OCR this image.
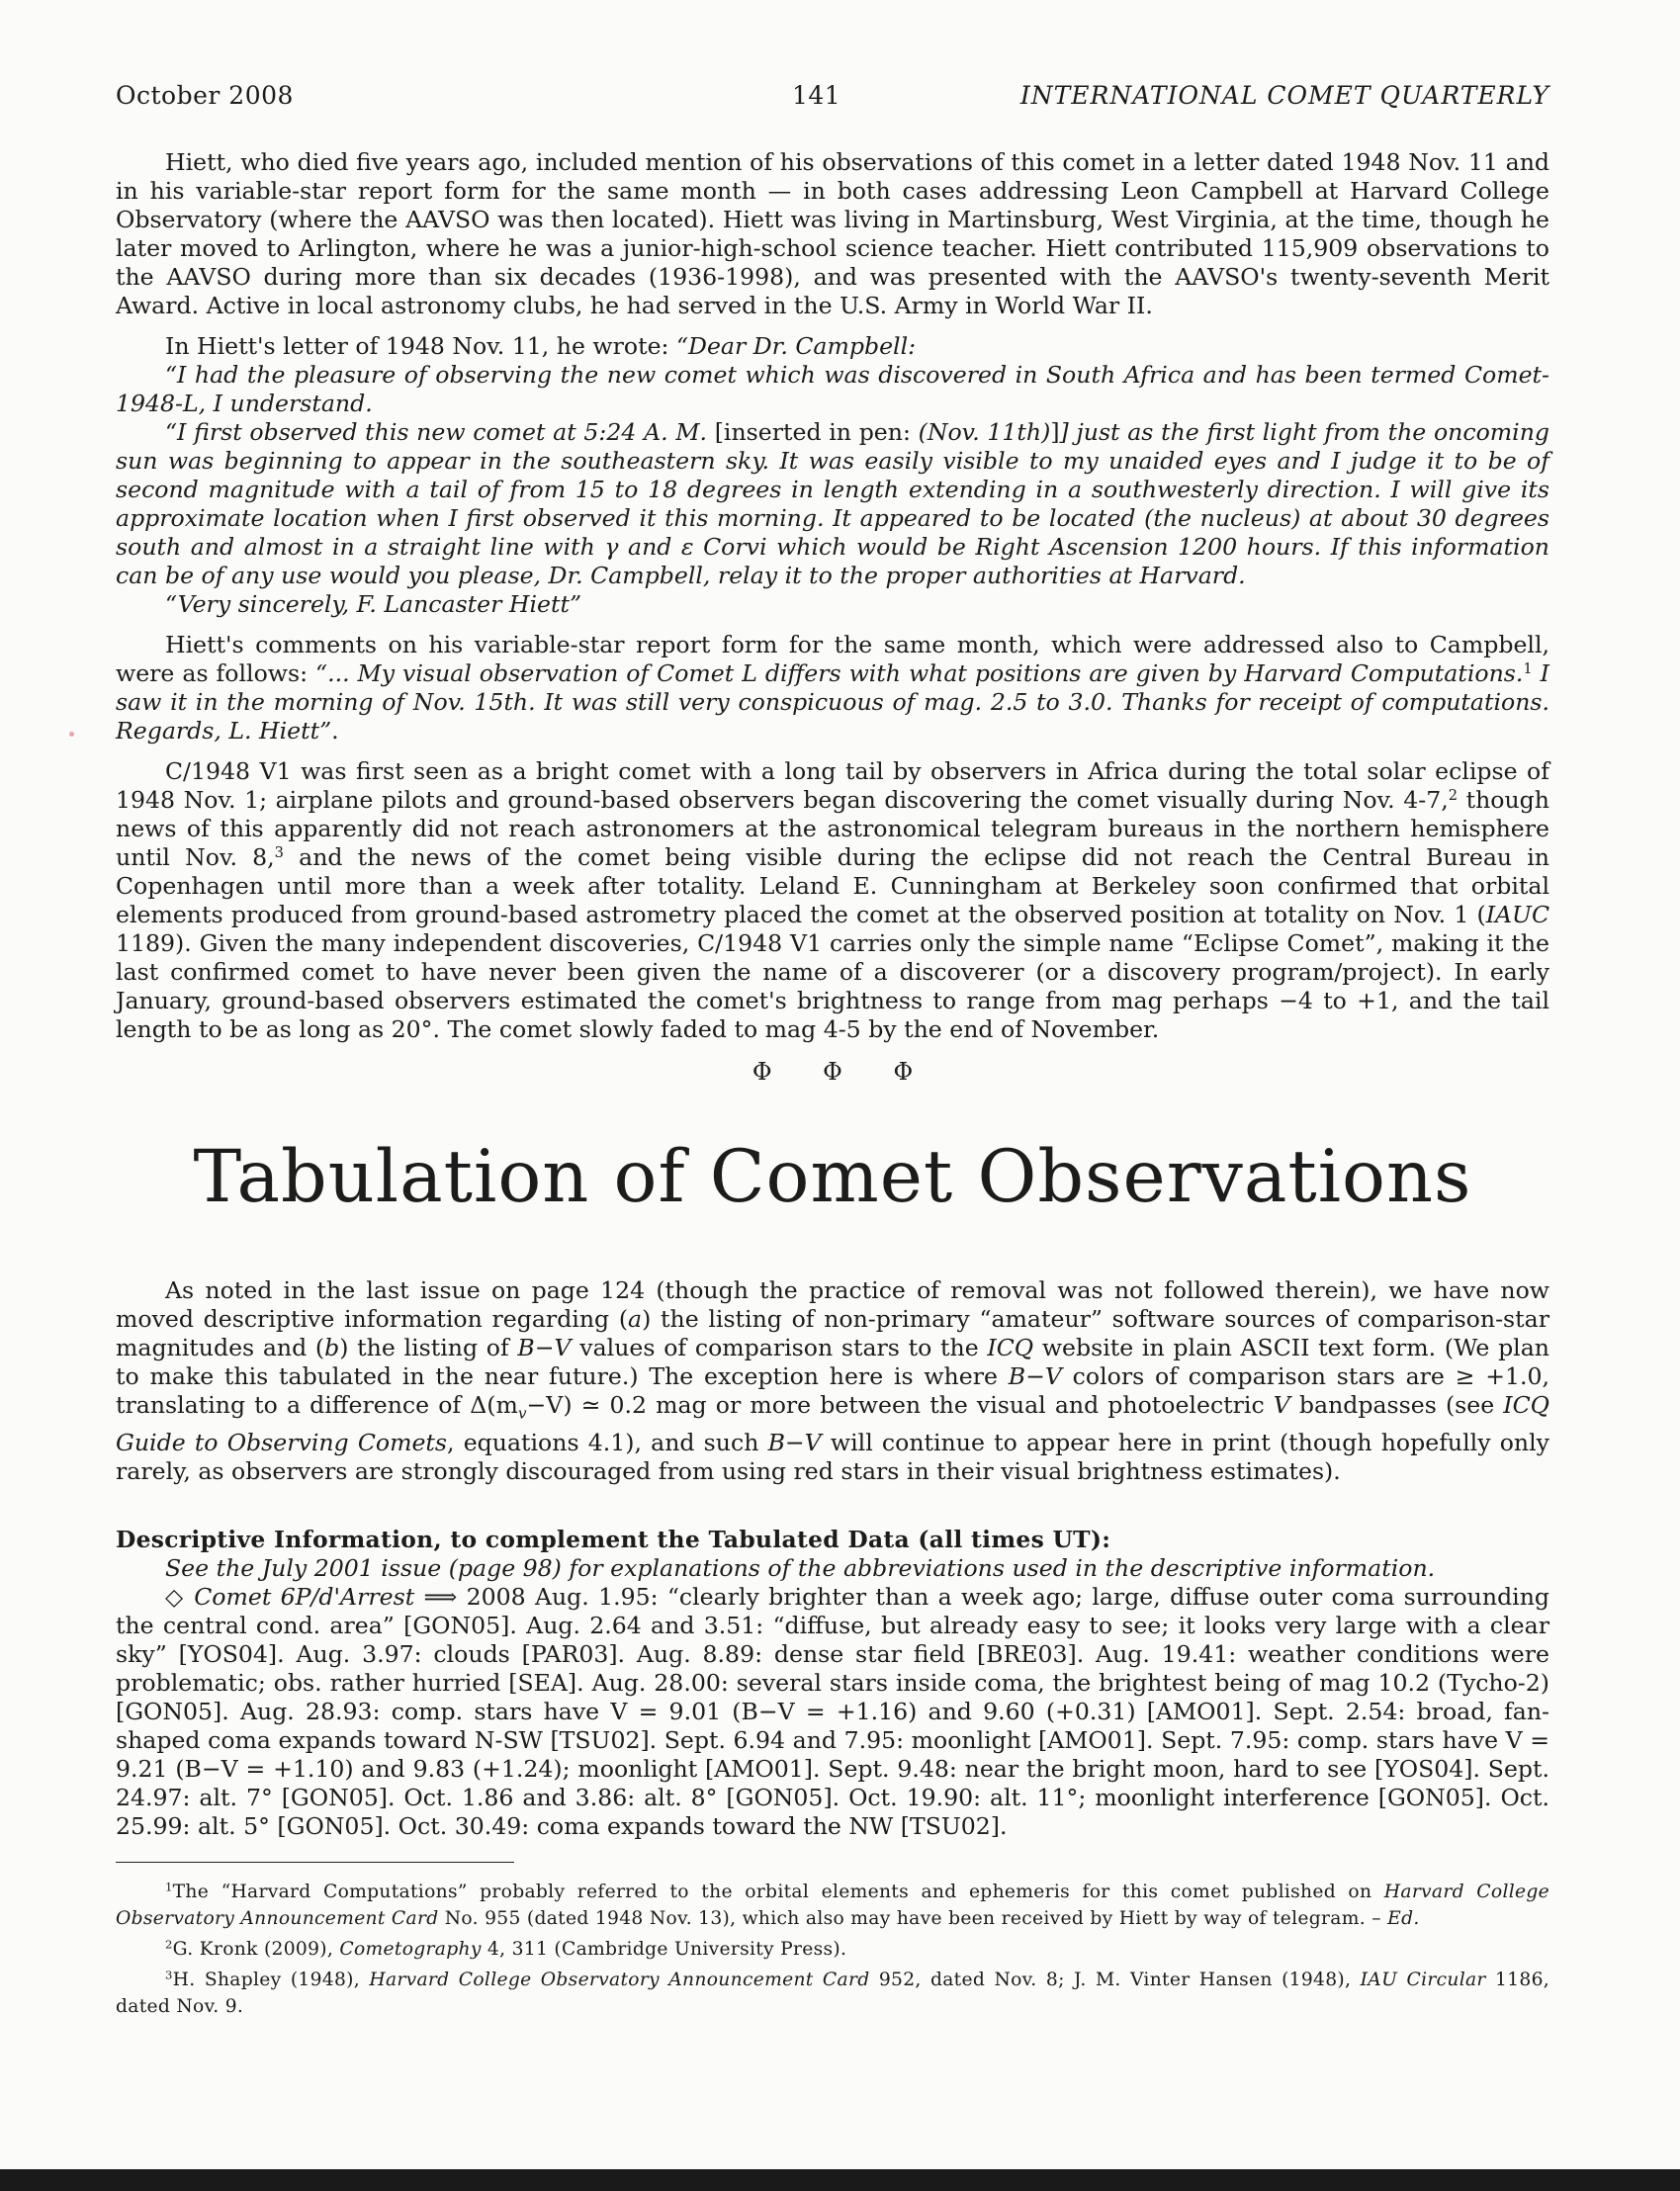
October 2008	141	INTERNATIONAL COMET QUARTERLY

Hiett, who died five years ago, included mention of his observations of this comet in a letter dated 1948 Nov. 11 and in his variable-star report form for the same month — in both cases addressing Leon Campbell at Harvard College Observatory (where the AAVSO was then located). Hiett was living in Martinsburg, West Virginia, at the time, though he later moved to Arlington, where he was a junior-high-school science teacher. Hiett contributed 115,909 observations to the AAVSO during more than six decades (1936-1998), and was presented with the AAVSO's twenty-seventh Merit Award. Active in local astronomy clubs, he had served in the U.S. Army in World War II.

In Hiett's letter of 1948 Nov. 11, he wrote: “Dear Dr. Campbell:

“I had the pleasure of observing the new comet which was discovered in South Africa and has been termed Comet-1948-L, I understand.

“I first observed this new comet at 5:24 A. M. [inserted in pen: (Nov. 11th)]] just as the first light from the oncoming sun was beginning to appear in the southeastern sky. It was easily visible to my unaided eyes and I judge it to be of second magnitude with a tail of from 15 to 18 degrees in length extending in a southwesterly direction. I will give its approximate location when I first observed it this morning. It appeared to be located (the nucleus) at about 30 degrees south and almost in a straight line with γ and ε Corvi which would be Right Ascension 1200 hours. If this information can be of any use would you please, Dr. Campbell, relay it to the proper authorities at Harvard.

“Very sincerely, F. Lancaster Hiett”

Hiett's comments on his variable-star report form for the same month, which were addressed also to Campbell, were as follows: “... My visual observation of Comet L differs with what positions are given by Harvard Computations.$^1$ I saw it in the morning of Nov. 15th. It was still very conspicuous of mag. 2.5 to 3.0. Thanks for receipt of computations. Regards, L. Hiett”.

C/1948 V1 was first seen as a bright comet with a long tail by observers in Africa during the total solar eclipse of 1948 Nov. 1; airplane pilots and ground-based observers began discovering the comet visually during Nov. 4-7,$^2$ though news of this apparently did not reach astronomers at the astronomical telegram bureaus in the northern hemisphere until Nov. 8,$^3$ and the news of the comet being visible during the eclipse did not reach the Central Bureau in Copenhagen until more than a week after totality. Leland E. Cunningham at Berkeley soon confirmed that orbital elements produced from ground-based astrometry placed the comet at the observed position at totality on Nov. 1 (IAUC 1189). Given the many independent discoveries, C/1948 V1 carries only the simple name “Eclipse Comet”, making it the last confirmed comet to have never been given the name of a discoverer (or a discovery program/project). In early January, ground-based observers estimated the comet's brightness to range from mag perhaps −4 to +1, and the tail length to be as long as 20°. The comet slowly faded to mag 4-5 by the end of November.

Φ Φ Φ
Tabulation of Comet Observations

As noted in the last issue on page 124 (though the practice of removal was not followed therein), we have now moved descriptive information regarding (a) the listing of non-primary “amateur” software sources of comparison-star magnitudes and (b) the listing of B−V values of comparison stars to the ICQ website in plain ASCII text form. (We plan to make this tabulated in the near future.) The exception here is where B−V colors of comparison stars are ≥ +1.0, translating to a difference of $\Delta(m_v-V)$ ≃ 0.2 mag or more between the visual and photoelectric V bandpasses (see ICQ Guide to Observing Comets, equations 4.1), and such B−V will continue to appear here in print (though hopefully only rarely, as observers are strongly discouraged from using red stars in their visual brightness estimates).

Descriptive Information, to complement the Tabulated Data (all times UT):

See the July 2001 issue (page 98) for explanations of the abbreviations used in the descriptive information.

◇ Comet 6P/d'Arrest ⟹ 2008 Aug. 1.95: “clearly brighter than a week ago; large, diffuse outer coma surrounding the central cond. area” [GON05]. Aug. 2.64 and 3.51: “diffuse, but already easy to see; it looks very large with a clear sky” [YOS04]. Aug. 3.97: clouds [PAR03]. Aug. 8.89: dense star field [BRE03]. Aug. 19.41: weather conditions were problematic; obs. rather hurried [SEA]. Aug. 28.00: several stars inside coma, the brightest being of mag 10.2 (Tycho-2) [GON05]. Aug. 28.93: comp. stars have V = 9.01 (B−V = +1.16) and 9.60 (+0.31) [AMO01]. Sept. 2.54: broad, fan-shaped coma expands toward N-SW [TSU02]. Sept. 6.94 and 7.95: moonlight [AMO01]. Sept. 7.95: comp. stars have V = 9.21 (B−V = +1.10) and 9.83 (+1.24); moonlight [AMO01]. Sept. 9.48: near the bright moon, hard to see [YOS04]. Sept. 24.97: alt. 7° [GON05]. Oct. 1.86 and 3.86: alt. 8° [GON05]. Oct. 19.90: alt. 11°; moonlight interference [GON05]. Oct. 25.99: alt. 5° [GON05]. Oct. 30.49: coma expands toward the NW [TSU02].

$^1$The “Harvard Computations” probably referred to the orbital elements and ephemeris for this comet published on Harvard College Observatory Announcement Card No. 955 (dated 1948 Nov. 13), which also may have been received by Hiett by way of telegram. – Ed.

$^2$G. Kronk (2009), Cometography 4, 311 (Cambridge University Press).

$^3$H. Shapley (1948), Harvard College Observatory Announcement Card 952, dated Nov. 8; J. M. Vinter Hansen (1948), IAU Circular 1186, dated Nov. 9.
